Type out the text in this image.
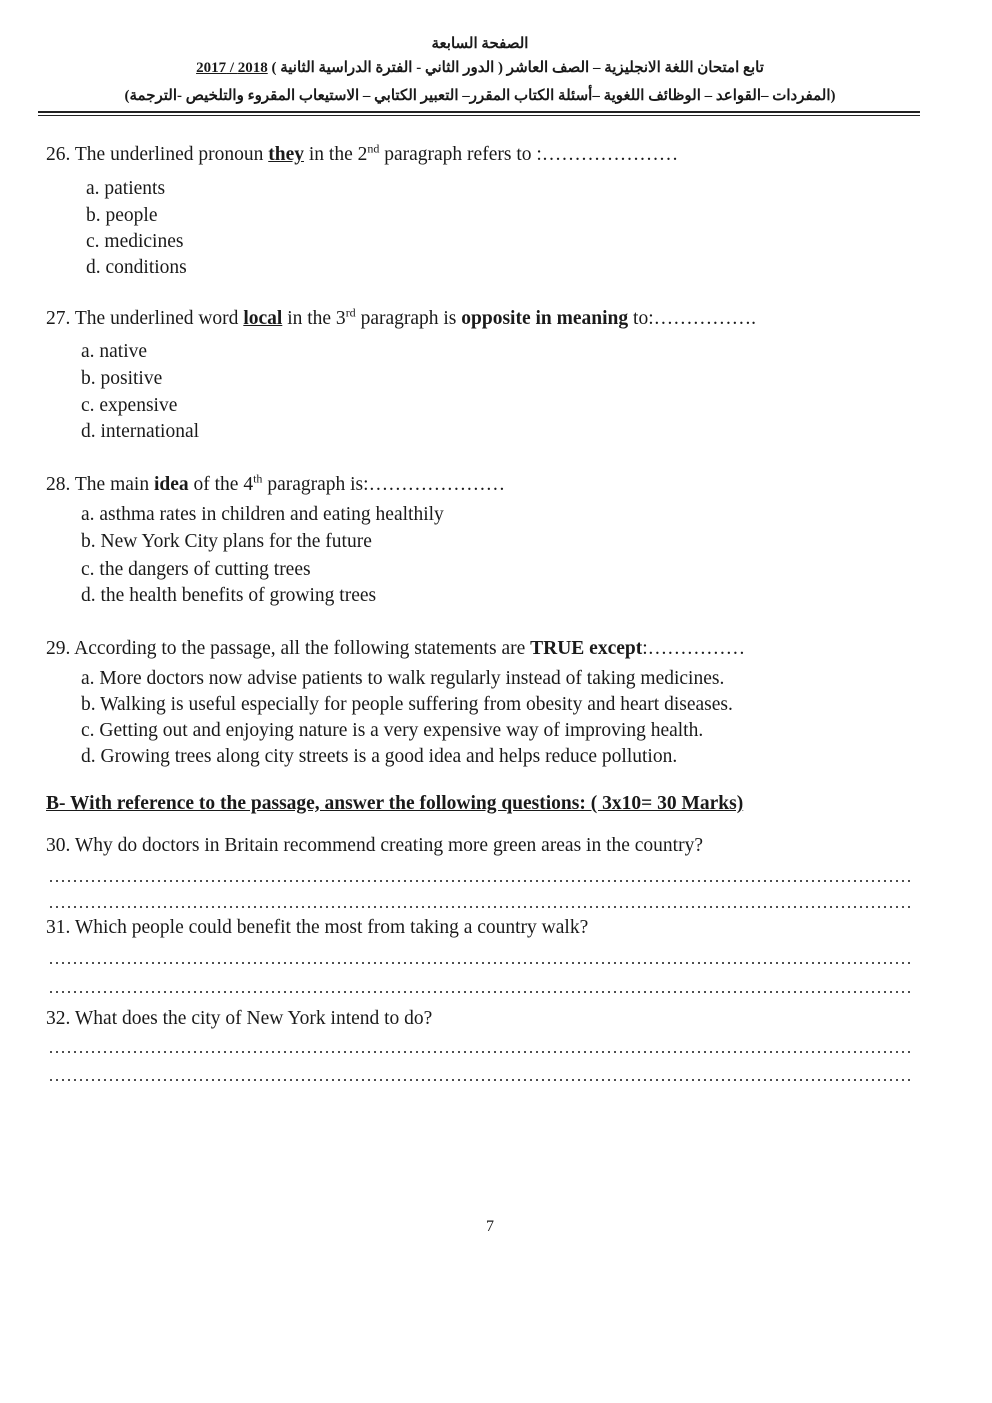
الصفحة السابعة
تابع امتحان اللغة الانجليزية – الصف العاشر ( الدور الثاني - الفترة الدراسية الثانية ) 2018 / 2017
(المفردات –القواعد – الوظائف اللغوية –أسئلة الكتاب المقرر– التعبير الكتابي – الاستيعاب المقروء والتلخيص -الترجمة)
26. The underlined pronoun they in the 2nd paragraph refers to :…………………
a. patients
b. people
c. medicines
d. conditions
27. The underlined word local in the 3rd paragraph is opposite in meaning to:…………….
a. native
b. positive
c. expensive
d. international
28. The main idea of the 4th paragraph is:…………………
a. asthma rates in children and eating healthily
b. New York City plans for the future
c. the dangers of cutting trees
d. the health benefits of growing trees
29. According to the passage, all the following statements are TRUE except:……………
a. More doctors now advise patients to walk regularly instead of taking medicines.
b. Walking is useful especially for people suffering from obesity and heart diseases.
c. Getting out and enjoying nature is a very expensive way of improving health.
d. Growing trees along city streets is a good idea and helps reduce pollution.
B- With reference to the passage, answer the following questions: ( 3x10= 30 Marks)
30. Why do doctors in Britain recommend creating more green areas in the country?
31. Which people could benefit the most from taking a country walk?
32. What does the city of New York intend to do?
7
